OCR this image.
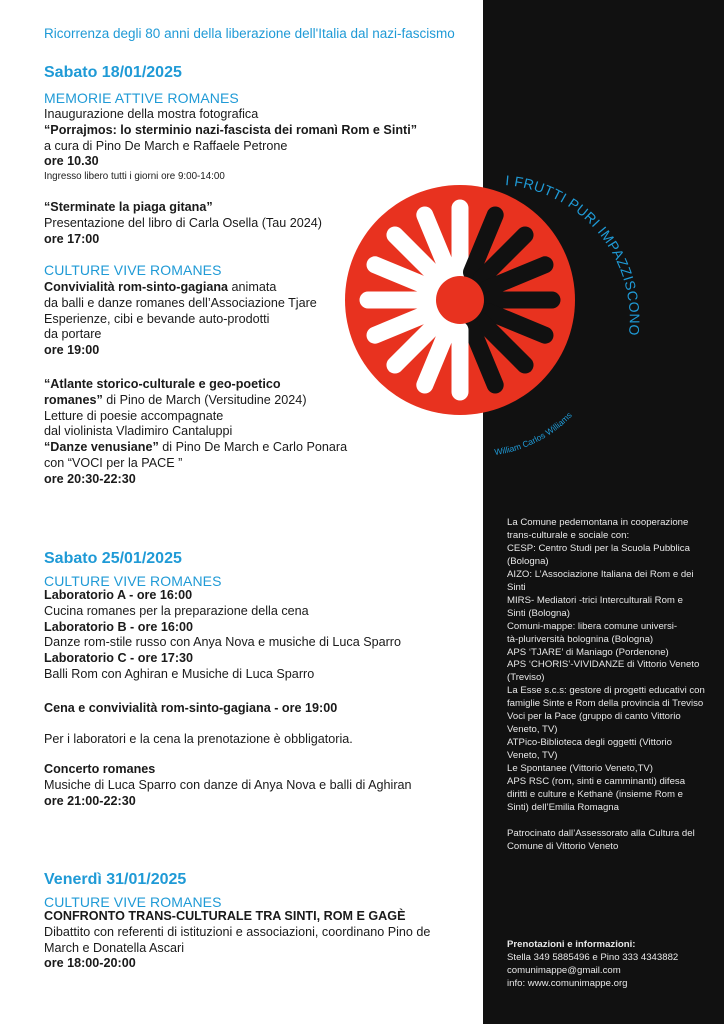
Ricorrenza degli 80 anni della liberazione dell'Italia dal nazi-fascismo
Sabato 18/01/2025
MEMORIE ATTIVE ROMANES
Inaugurazione della mostra fotografica
“Porrajmos: lo sterminio nazi-fascista dei romanì Rom e Sinti”
a cura di Pino De March e Raffaele Petrone
ore 10.30
Ingresso libero tutti i giorni ore 9:00-14:00
“Sterminate la piaga gitana”
Presentazione del libro di Carla Osella (Tau 2024)
ore 17:00
CULTURE VIVE ROMANES
Convivialità rom-sinto-gagiana animata
da balli e danze romanes dell’Associazione Tjare
Esperienze, cibi e bevande auto-prodotti
da portare
ore 19:00
“Atlante storico-culturale e geo-poetico
romanes” di Pino de March (Versitudine 2024)
Letture di poesie accompagnate
dal violinista Vladimiro Cantaluppi
“Danze venusiane” di Pino De March e Carlo Ponara
con “VOCI per la PACE ”
ore 20:30-22:30
Sabato 25/01/2025
CULTURE VIVE ROMANES
Laboratorio A - ore 16:00
Cucina romanes per la preparazione della cena
Laboratorio B - ore 16:00
Danze rom-stile russo con Anya Nova e musiche di Luca Sparro
Laboratorio C - ore 17:30
Balli Rom con Aghiran e Musiche di Luca Sparro
Cena e convivialità rom-sinto-gagiana - ore 19:00
Per i laboratori e la cena la prenotazione è obbligatoria.
Concerto romanes
Musiche di Luca Sparro con danze di Anya Nova e balli di Aghiran
ore 21:00-22:30
Venerdì 31/01/2025
CULTURE VIVE ROMANES
CONFRONTO TRANS-CULTURALE TRA SINTI, ROM E GAGÈ
Dibattito con referenti di istituzioni e associazioni, coordinano Pino de
March e Donatella Ascari
ore 18:00-20:00
I FRUTTI PURI IMPAZZISCONO
William Carlos Williams

La Comune pedemontana in cooperazione

trans-culturale e sociale con:

CESP: Centro Studi per la Scuola Pubblica

(Bologna)

AIZO: L’Associazione Italiana dei Rom e dei

Sinti

MIRS- Mediatori -trici Interculturali Rom e

Sinti (Bologna)

Comuni-mappe: libera comune universi-

tà-pluriversità bolognina (Bologna)

APS ‘TJARE’ di Maniago (Pordenone)

APS ‘CHORIS’-VIVIDANZE di Vittorio Veneto

(Treviso)

La Esse s.c.s: gestore di progetti educativi con

famiglie Sinte e Rom della provincia di Treviso

Voci per la Pace (gruppo di canto Vittorio

Veneto, TV)

ATPico-Biblioteca degli oggetti (Vittorio

Veneto, TV)

Le Spontanee (Vittorio Veneto,TV)

APS RSC (rom, sinti e camminanti) difesa

diritti e culture e Kethanè (insieme Rom e

Sinti) dell’Emilia Romagna

Patrocinato dall’Assessorato alla Cultura del

Comune di Vittorio Veneto

Prenotazioni e informazioni:
Stella 349 5885496 e Pino 333 4343882
comunimappe@gmail.com
info: www.comunimappe.org
